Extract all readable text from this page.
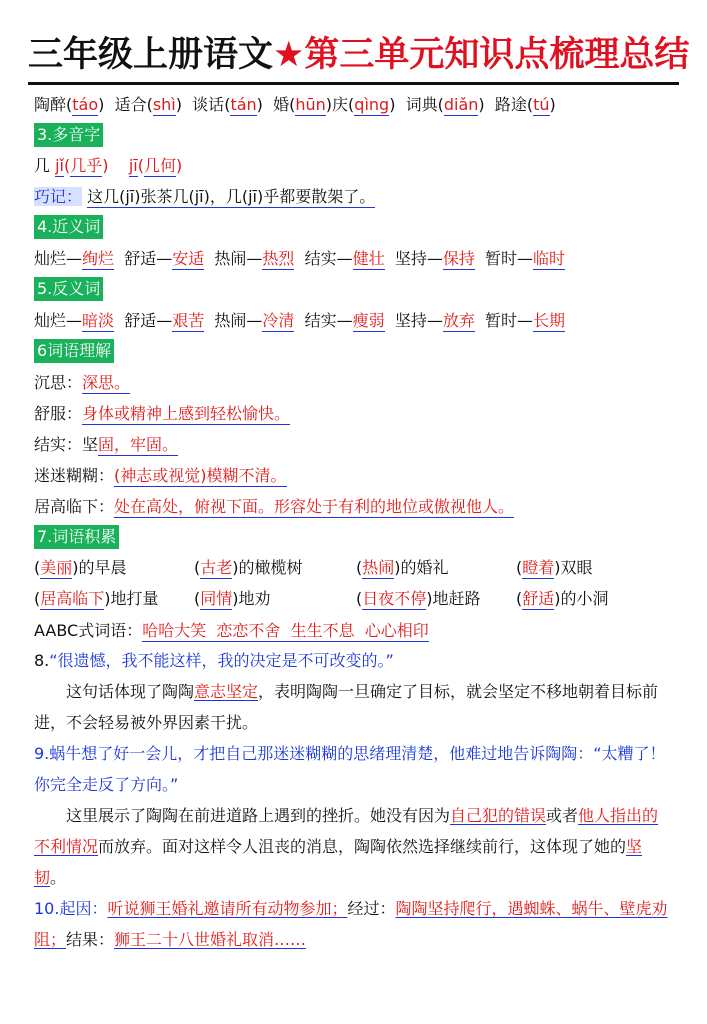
三年级上册语文★第三单元知识点梳理总结
陶醉(táo)  适合(shì)  谈话(tán)  婚(hūn)庆(qìng)  词典(diǎn)  路途(tú)
3.多音字
几 jǐ(几乎) jī(几何)
巧记： 这几(jī)张茶几(jī)，几(jī)乎都要散架了。
4.近义词
灿烂—绚烂 舒适—安适 热闹—热烈 结实—健壮 坚持—保持 暂时—临时
5.反义词
灿烂—暗淡 舒适—艰苦 热闹—冷清 结实—瘦弱 坚持—放弃 暂时—长期
6词语理解
沉思：深思。
舒服：身体或精神上感到轻松愉快。
结实：坚固，牢固。
迷迷糊糊：(神志或视觉)模糊不清。
居高临下：处在高处，俯视下面。形容处于有利的地位或傲视他人。
7.词语积累
(美丽)的早晨	(古老)的橄榄树	(热闹)的婚礼	(瞪着)双眼
(居高临下)地打量 (同情)地劝	(日夜不停)地赶路 (舒适)的小洞
AABC式词语：哈哈大笑  恋恋不舍  生生不息  心心相印
8.“很遗憾，我不能这样，我的决定是不可改变的。”
这句话体现了陶陶意志坚定，表明陶陶一旦确定了目标，就会坚定不移地朝着目标前进，不会轻易被外界因素干扰。
9.蜗牛想了好一会儿，才把自己那迷迷糊糊的思绪理清楚，他难过地告诉陶陶：“太糟了！你完全走反了方向。”
这里展示了陶陶在前进道路上遇到的挫折。她没有因为自己犯的错误或者他人指出的不利情况而放弃。面对这样令人沮丧的消息，陶陶依然选择继续前行，这体现了她的坚韧。
10.起因：听说狮王婚礼邀请所有动物参加；经过：陶陶坚持爬行，遇蜘蛛、蜗牛、壁虎劝阻；结果：狮王二十八世婚礼取消……
